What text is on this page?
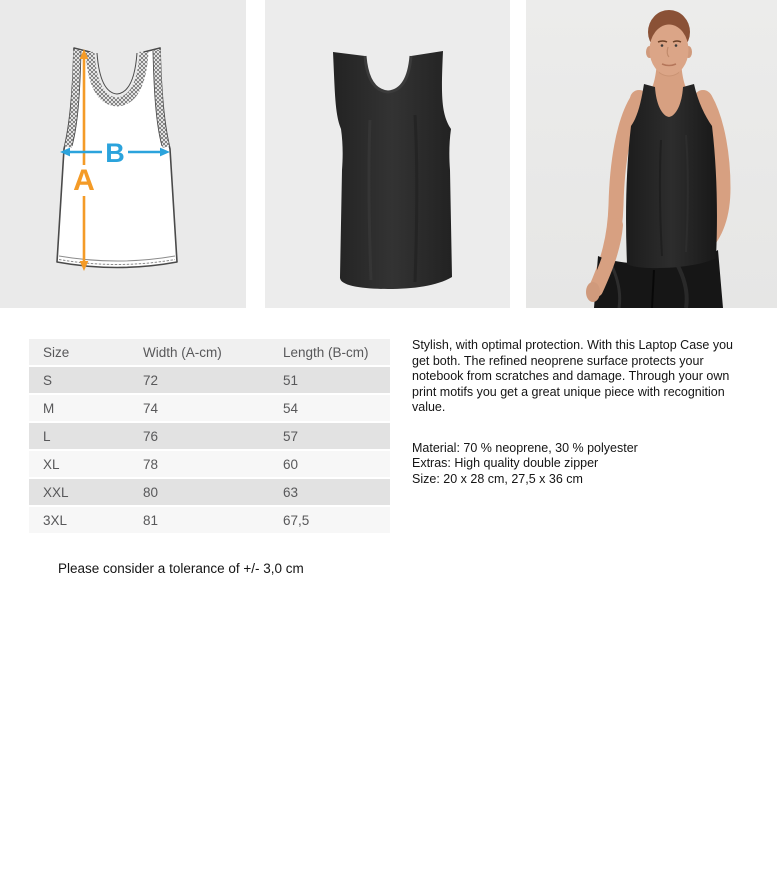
A
B
Size	Width (A-cm)	Length (B-cm)
S	72	51
M	74	54
L	76	57
XL	78	60
XXL	80	63
3XL	81	67,5
Stylish, with optimal protection. With this Laptop Case you
get both. The refined neoprene surface protects your
notebook from scratches and damage. Through your own
print motifs you get a great unique piece with recognition
value.
Material: 70 % neoprene, 30 % polyester
Extras: High quality double zipper
Size: 20 x 28 cm, 27,5 x 36 cm
Please consider a tolerance of +/- 3,0 cm
